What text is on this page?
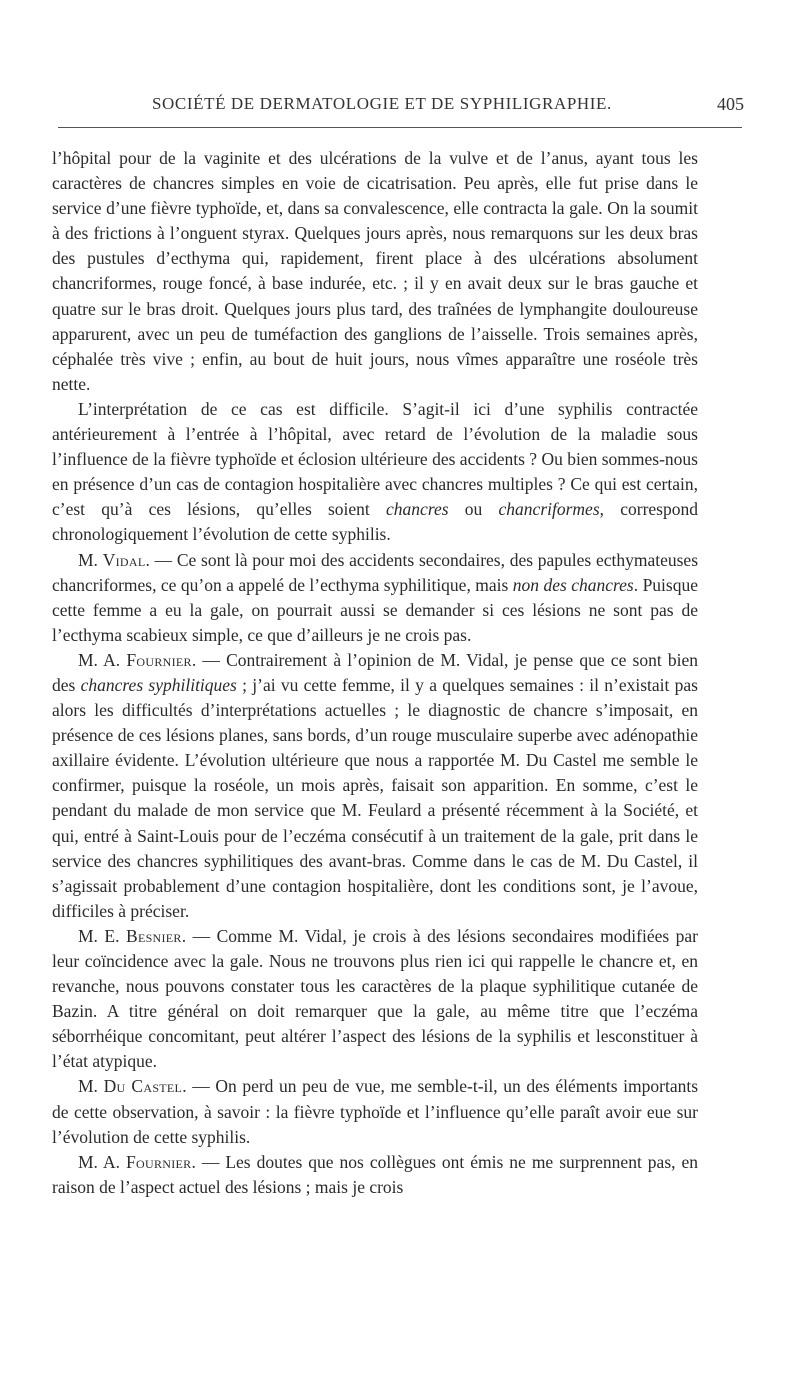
SOCIÉTÉ DE DERMATOLOGIE ET DE SYPHILIGRAPHIE.	405

l’hôpital pour de la vaginite et des ulcérations de la vulve et de l’anus, ayant tous les caractères de chancres simples en voie de cicatrisation. Peu après, elle fut prise dans le service d’une fièvre typhoïde, et, dans sa convalescence, elle contracta la gale. On la soumit à des frictions à l’onguent styrax. Quelques jours après, nous remarquons sur les deux bras des pustules d’ecthyma qui, rapidement, firent place à des ulcérations absolument chancriformes, rouge foncé, à base indurée, etc. ; il y en avait deux sur le bras gauche et quatre sur le bras droit. Quelques jours plus tard, des traînées de lymphangite douloureuse apparurent, avec un peu de tuméfaction des ganglions de l’aisselle. Trois semaines après, céphalée très vive ; enfin, au bout de huit jours, nous vîmes apparaître une roséole très nette.

L’interprétation de ce cas est difficile. S’agit-il ici d’une syphilis contractée antérieurement à l’entrée à l’hôpital, avec retard de l’évolution de la maladie sous l’influence de la fièvre typhoïde et éclosion ultérieure des accidents ? Ou bien sommes-nous en présence d’un cas de contagion hospitalière avec chancres multiples ? Ce qui est certain, c’est qu’à ces lésions, qu’elles soient chancres ou chancriformes, correspond chronologiquement l’évolution de cette syphilis.

M. Vidal. — Ce sont là pour moi des accidents secondaires, des papules ecthymateuses chancriformes, ce qu’on a appelé de l’ecthyma syphilitique, mais non des chancres. Puisque cette femme a eu la gale, on pourrait aussi se demander si ces lésions ne sont pas de l’ecthyma scabieux simple, ce que d’ailleurs je ne crois pas.

M. A. Fournier. — Contrairement à l’opinion de M. Vidal, je pense que ce sont bien des chancres syphilitiques ; j’ai vu cette femme, il y a quelques semaines : il n’existait pas alors les difficultés d’interprétations actuelles ; le diagnostic de chancre s’imposait, en présence de ces lésions planes, sans bords, d’un rouge musculaire superbe avec adénopathie axillaire évidente. L’évolution ultérieure que nous a rapportée M. Du Castel me semble le confirmer, puisque la roséole, un mois après, faisait son apparition. En somme, c’est le pendant du malade de mon service que M. Feulard a présenté récemment à la Société, et qui, entré à Saint-Louis pour de l’eczéma consécutif à un traitement de la gale, prit dans le service des chancres syphilitiques des avant-bras. Comme dans le cas de M. Du Castel, il s’agissait probablement d’une contagion hospitalière, dont les conditions sont, je l’avoue, difficiles à préciser.

M. E. Besnier. — Comme M. Vidal, je crois à des lésions secondaires modifiées par leur coïncidence avec la gale. Nous ne trouvons plus rien ici qui rappelle le chancre et, en revanche, nous pouvons constater tous les caractères de la plaque syphilitique cutanée de Bazin. A titre général on doit remarquer que la gale, au même titre que l’eczéma séborrhéique concomitant, peut altérer l’aspect des lésions de la syphilis et lesconstituer à l’état atypique.

M. Du Castel. — On perd un peu de vue, me semble-t-il, un des éléments importants de cette observation, à savoir : la fièvre typhoïde et l’influence qu’elle paraît avoir eue sur l’évolution de cette syphilis.

M. A. Fournier. — Les doutes que nos collègues ont émis ne me surprennent pas, en raison de l’aspect actuel des lésions ; mais je crois
